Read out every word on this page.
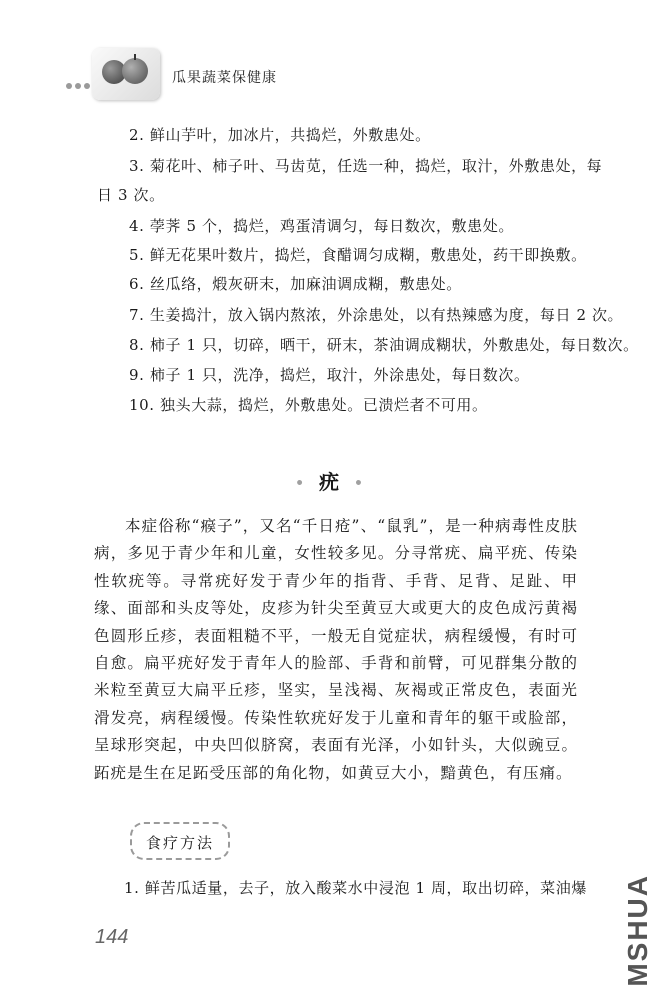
瓜果蔬菜保健康
2. 鲜山芋叶，加冰片，共捣烂，外敷患处。
3. 菊花叶、柿子叶、马齿苋，任选一种，捣烂，取汁，外敷患处，每
日 3 次。
4. 荸荠 5 个，捣烂，鸡蛋清调匀，每日数次，敷患处。
5. 鲜无花果叶数片，捣烂，食醋调匀成糊，敷患处，药干即换敷。
6. 丝瓜络，煅灰研末，加麻油调成糊，敷患处。
7. 生姜捣汁，放入锅内熬浓，外涂患处，以有热辣感为度，每日 2 次。
8. 柿子 1 只，切碎，晒干，研末，茶油调成糊状，外敷患处，每日数次。
9. 柿子 1 只，洗净，捣烂，取汁，外涂患处，每日数次。
10. 独头大蒜，捣烂，外敷患处。已溃烂者不可用。
• 疣 •
本症俗称“瘊子”，又名“千日疮”、“鼠乳”，是一种病毒性皮肤病，多见于青少年和儿童，女性较多见。分寻常疣、扁平疣、传染性软疣等。寻常疣好发于青少年的指背、手背、足背、足趾、甲缘、面部和头皮等处，皮疹为针尖至黄豆大或更大的皮色成污黄褐色圆形丘疹，表面粗糙不平，一般无自觉症状，病程缓慢，有时可自愈。扁平疣好发于青年人的脸部、手背和前臂，可见群集分散的米粒至黄豆大扁平丘疹，坚实，呈浅褐、灰褐或正常皮色，表面光滑发亮，病程缓慢。传染性软疣好发于儿童和青年的躯干或脸部，呈球形突起，中央凹似脐窝，表面有光泽，小如针头，大似豌豆。跖疣是生在足跖受压部的角化物，如黄豆大小，黯黄色，有压痛。
食疗方法
1. 鲜苦瓜适量，去子，放入酸菜水中浸泡 1 周，取出切碎，菜油爆
144	MSHUA
